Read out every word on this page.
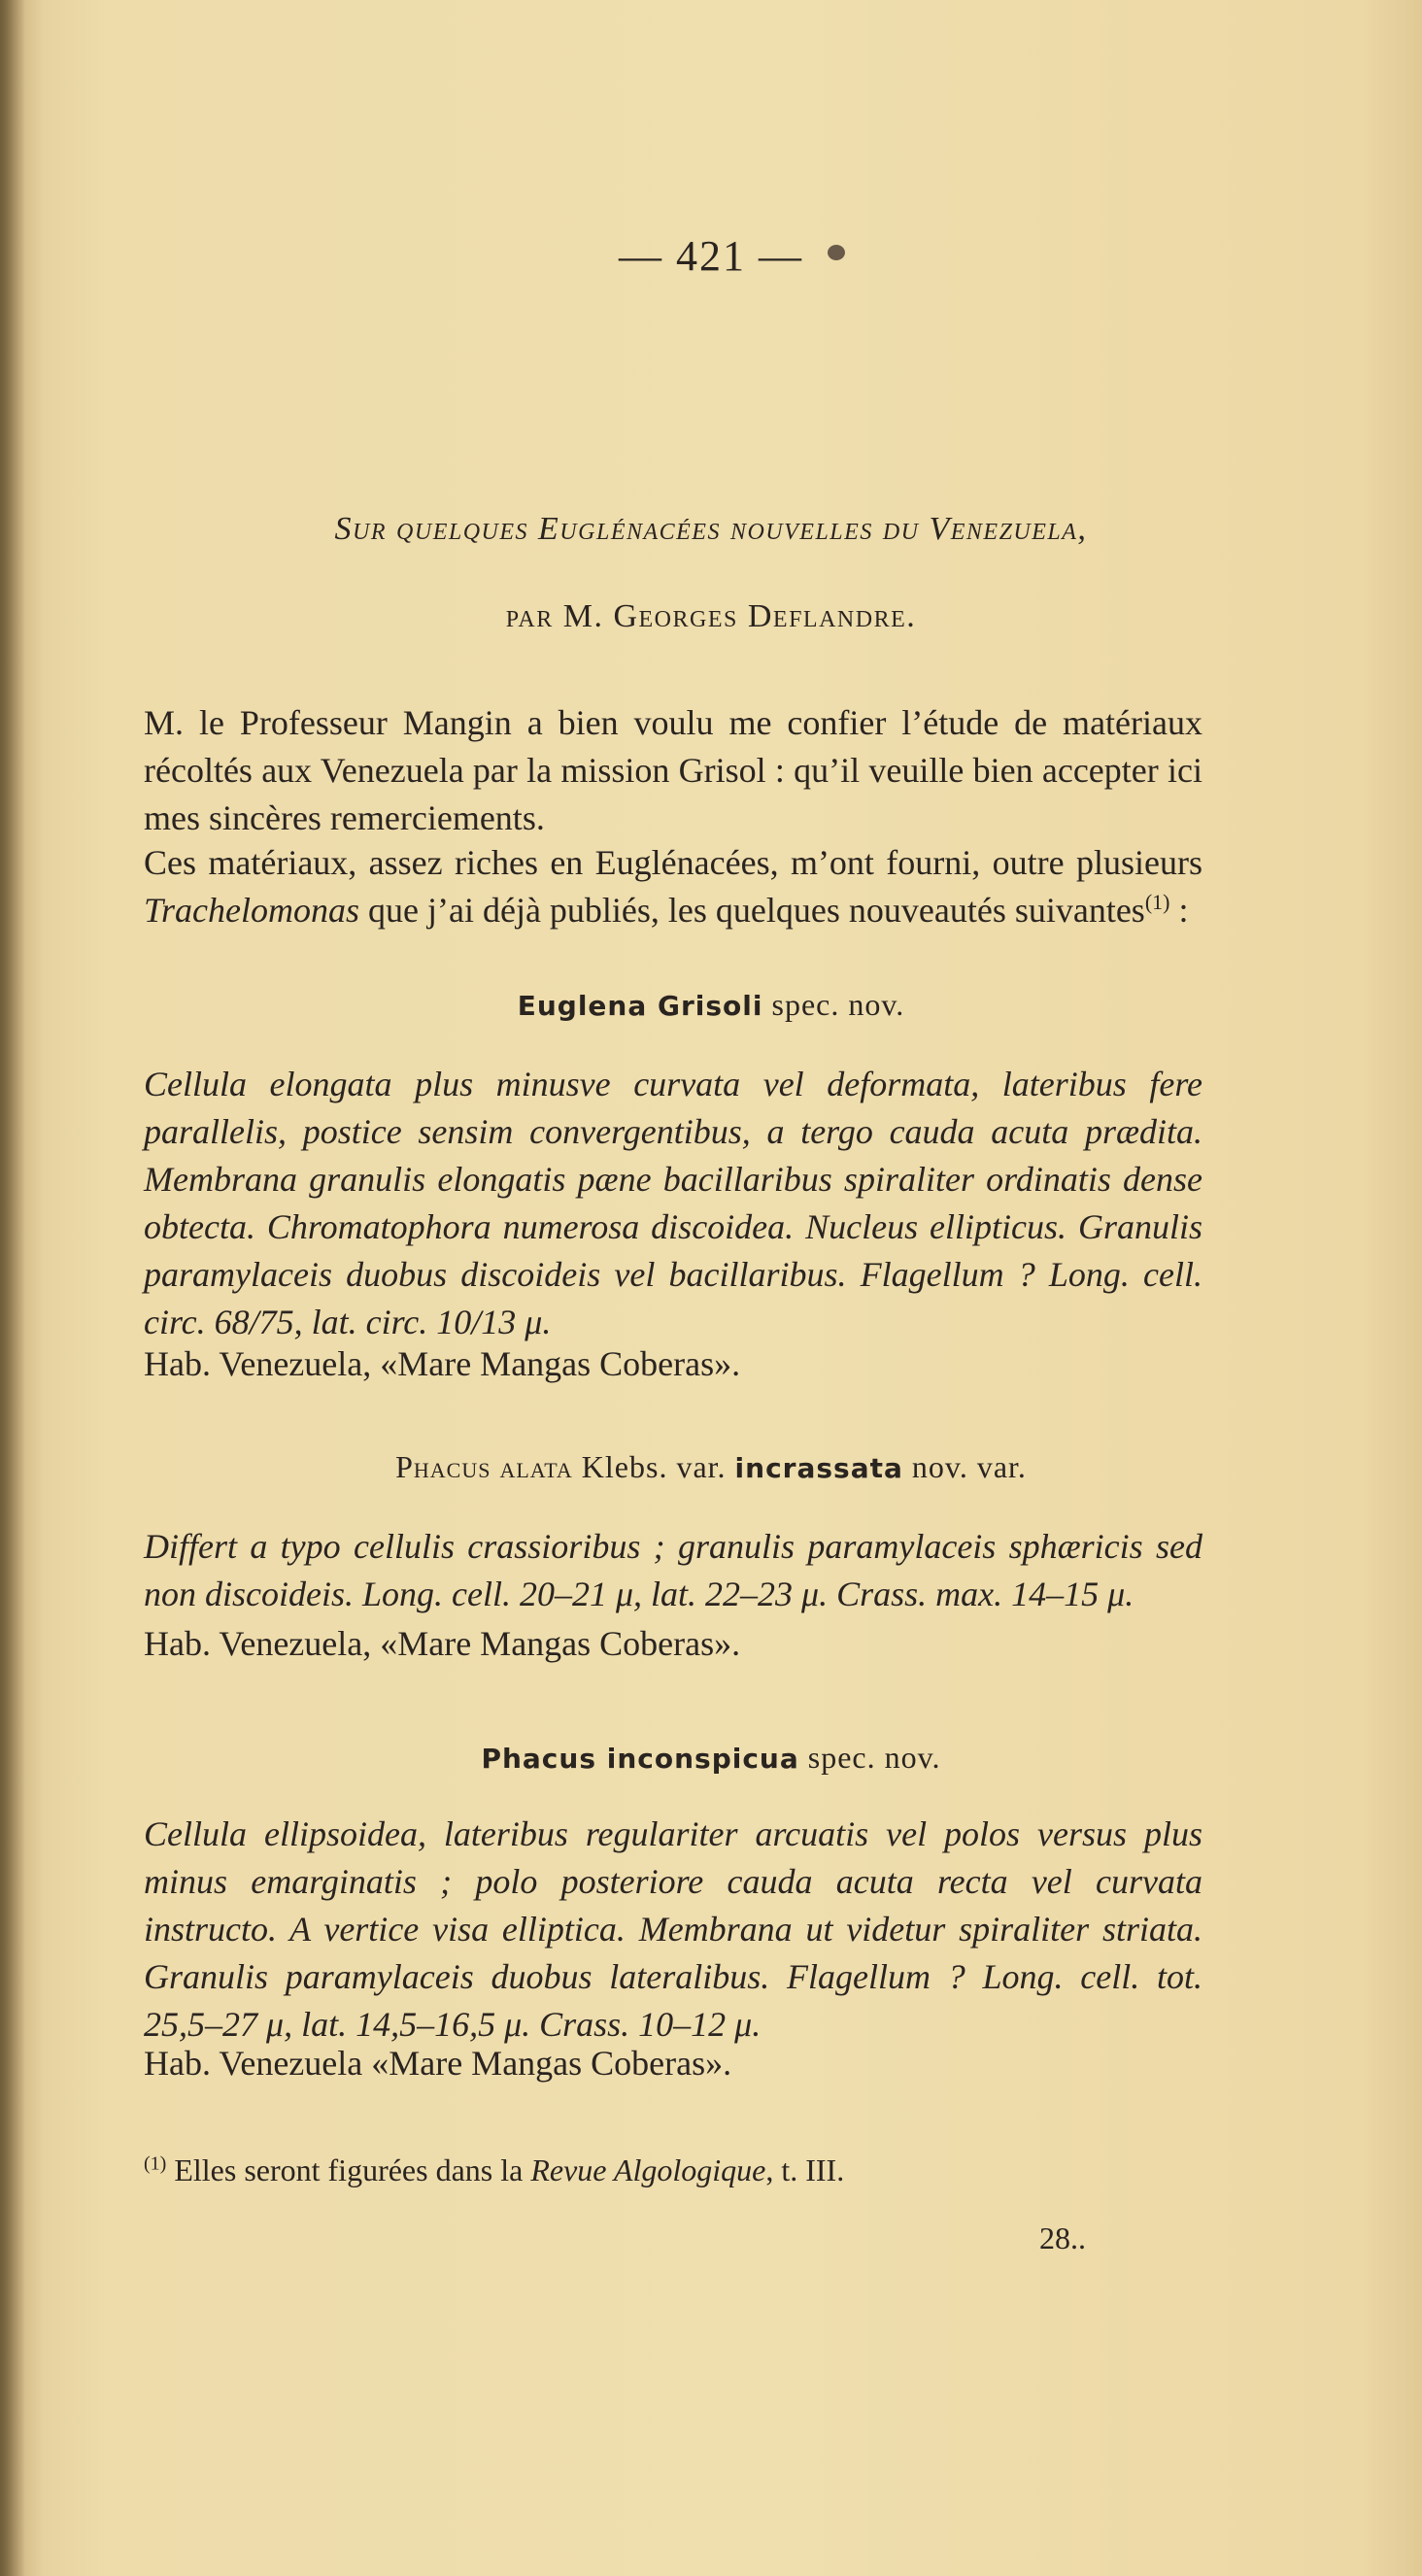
— 421 —
Sur quelques Euglénacées nouvelles du Venezuela,
par M. Georges Deflandre.
M. le Professeur Mangin a bien voulu me confier l’étude de matériaux récoltés aux Venezuela par la mission Grisol : qu’il veuille bien accepter ici mes sincères remerciements.
Ces matériaux, assez riches en Euglénacées, m’ont fourni, outre plusieurs Trachelomonas que j’ai déjà publiés, les quelques nouveautés suivantes$^{(1)}$ :
Euglena Grisoli spec. nov.
Cellula elongata plus minusve curvata vel deformata, lateribus fere parallelis, postice sensim convergentibus, a tergo cauda acuta prædita. Membrana granulis elongatis pæne bacillaribus spiraliter ordinatis dense obtecta. Chromatophora numerosa discoidea. Nucleus ellipticus. Granulis paramylaceis duobus discoideis vel bacillaribus. Flagellum ? Long. cell. circ. 68/75, lat. circ. 10/13 μ.
Hab. Venezuela, «Mare Mangas Coberas».
Phacus alata Klebs. var. incrassata nov. var.
Differt a typo cellulis crassioribus ; granulis paramylaceis sphæricis sed non discoideis. Long. cell. 20–21 μ, lat. 22–23 μ. Crass. max. 14–15 μ.
Hab. Venezuela, «Mare Mangas Coberas».
Phacus inconspicua spec. nov.
Cellula ellipsoidea, lateribus regulariter arcuatis vel polos versus plus minus emarginatis ; polo posteriore cauda acuta recta vel curvata instructo. A vertice visa elliptica. Membrana ut videtur spiraliter striata. Granulis paramylaceis duobus lateralibus. Flagellum ? Long. cell. tot. 25,5–27 μ, lat. 14,5–16,5 μ. Crass. 10–12 μ.
Hab. Venezuela «Mare Mangas Coberas».
$^{(1)}$ Elles seront figurées dans la Revue Algologique, t. III.
28..
